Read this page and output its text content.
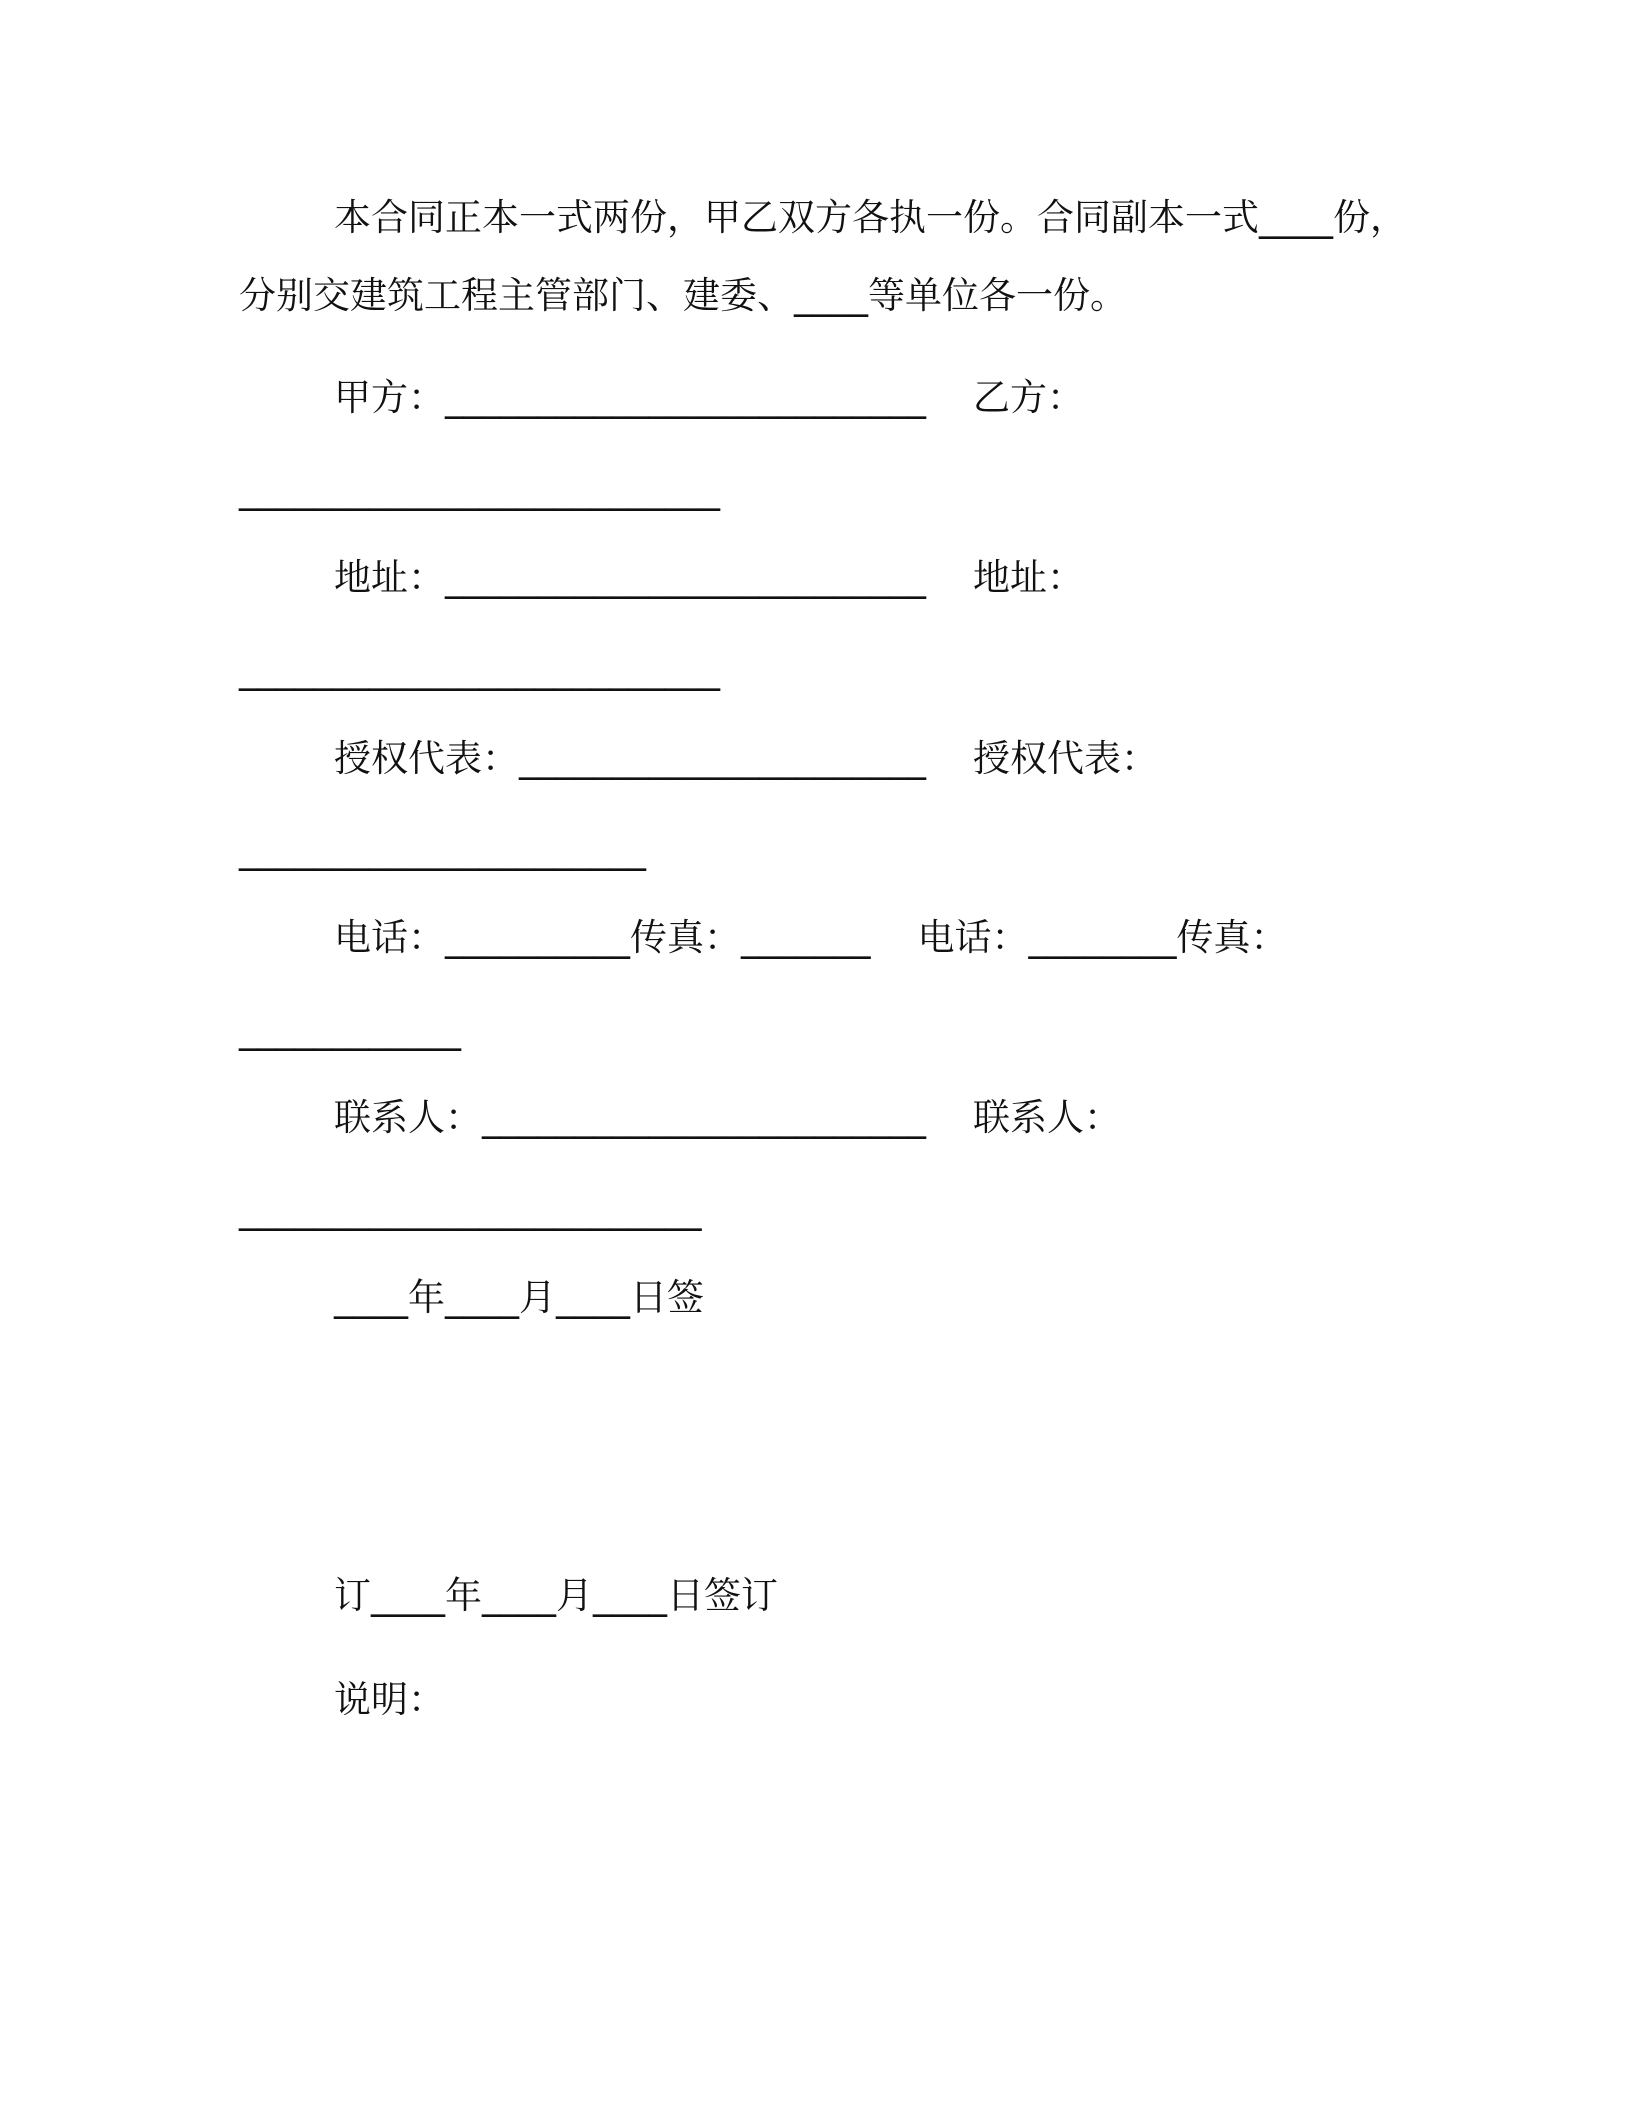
本合同正本一式两份，甲乙双方各执一份。合同副本一式____份，
分别交建筑工程主管部门、建委、____等单位各一份。
甲方：__________________________    乙方：
__________________________
地址：__________________________    地址：
__________________________
授权代表：______________________    授权代表：
______________________
电话：__________传真：_______    电话：________传真：
____________
联系人：________________________    联系人：
_________________________
____年____月____日签
订____年____月____日签订
说明：
